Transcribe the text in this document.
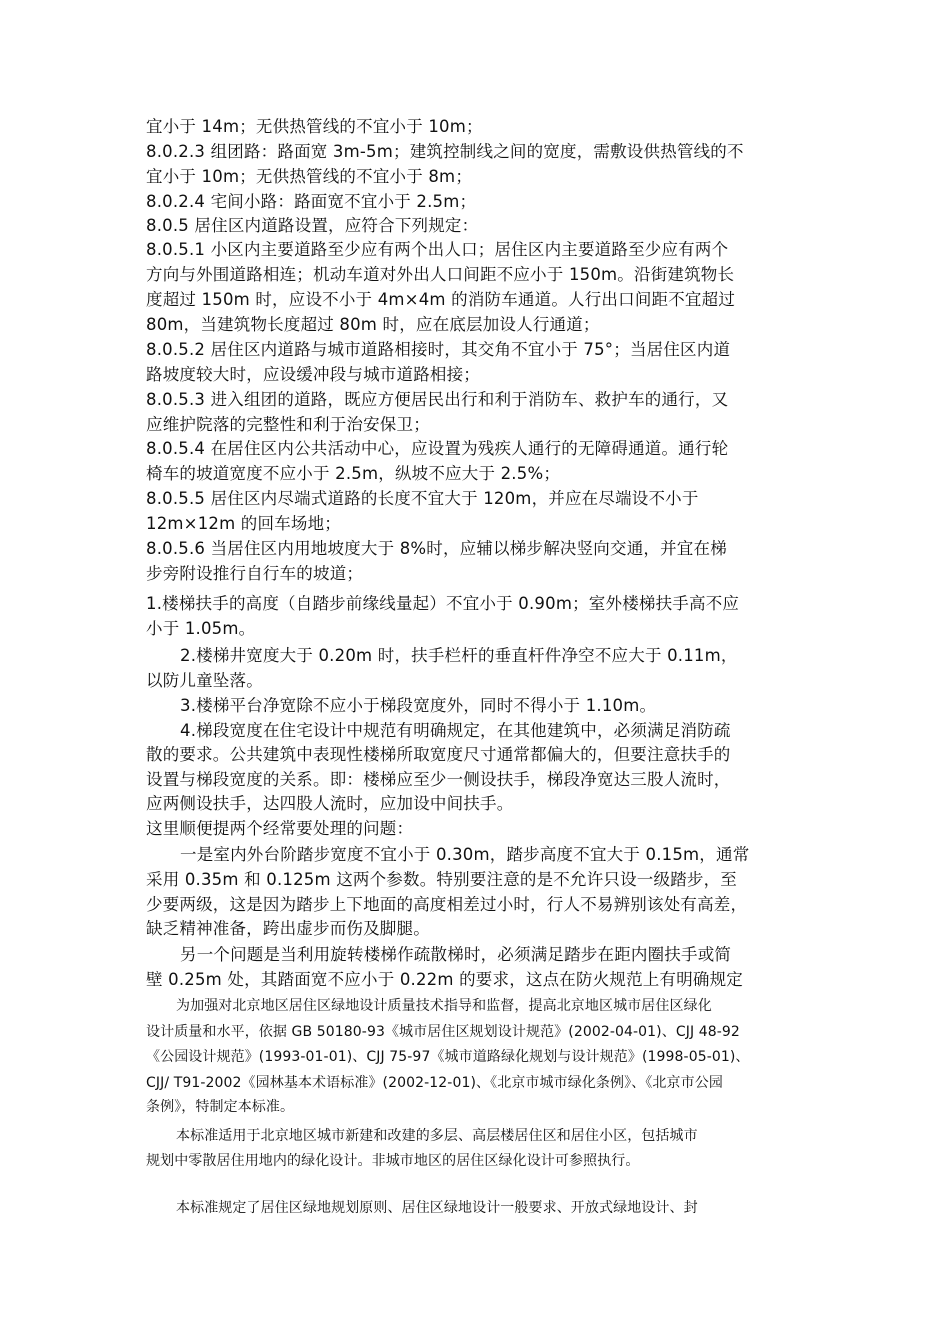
宜小于 14m；无供热管线的不宜小于 10m；
8.0.2.3 组团路：路面宽 3m-5m；建筑控制线之间的宽度，需敷设供热管线的不
宜小于 10m；无供热管线的不宜小于 8m；
8.0.2.4 宅间小路：路面宽不宜小于 2.5m；
8.0.5 居住区内道路设置，应符合下列规定：
8.0.5.1 小区内主要道路至少应有两个出人口；居住区内主要道路至少应有两个
方向与外围道路相连；机动车道对外出人口间距不应小于 150m。沿街建筑物长
度超过 150m 时，应设不小于 4m×4m 的消防车通道。人行出口间距不宜超过
80m，当建筑物长度超过 80m 时，应在底层加设人行通道；
8.0.5.2 居住区内道路与城市道路相接时，其交角不宜小于 75°；当居住区内道
路坡度较大时，应设缓冲段与城市道路相接；
8.0.5.3 进入组团的道路，既应方便居民出行和利于消防车、救护车的通行，又
应维护院落的完整性和利于治安保卫；
8.0.5.4 在居住区内公共活动中心，应设置为残疾人通行的无障碍通道。通行轮
椅车的坡道宽度不应小于 2.5m，纵坡不应大于 2.5%；
8.0.5.5 居住区内尽端式道路的长度不宜大于 120m，并应在尽端设不小于
12m×12m 的回车场地；
8.0.5.6 当居住区内用地坡度大于 8%时，应辅以梯步解决竖向交通，并宜在梯
步旁附设推行自行车的坡道；
1.楼梯扶手的高度（自踏步前缘线量起）不宜小于 0.90m；室外楼梯扶手高不应
小于 1.05m。
2.楼梯井宽度大于 0.20m 时，扶手栏杆的垂直杆件净空不应大于 0.11m，
以防儿童坠落。
3.楼梯平台净宽除不应小于梯段宽度外，同时不得小于 1.10m。
4.梯段宽度在住宅设计中规范有明确规定，在其他建筑中，必须满足消防疏
散的要求。公共建筑中表现性楼梯所取宽度尺寸通常都偏大的，但要注意扶手的
设置与梯段宽度的关系。即：楼梯应至少一侧设扶手，梯段净宽达三股人流时，
应两侧设扶手，达四股人流时，应加设中间扶手。
这里顺便提两个经常要处理的问题：
一是室内外台阶踏步宽度不宜小于 0.30m，踏步高度不宜大于 0.15m，通常
采用 0.35m 和 0.125m 这两个参数。特别要注意的是不允许只设一级踏步，至
少要两级，这是因为踏步上下地面的高度相差过小时，行人不易辨别该处有高差，
缺乏精神准备，跨出虚步而伤及脚腿。
另一个问题是当利用旋转楼梯作疏散梯时，必须满足踏步在距内圈扶手或简
壁 0.25m 处，其踏面宽不应小于 0.22m 的要求，这点在防火规范上有明确规定
为加强对北京地区居住区绿地设计质量技术指导和监督，提高北京地区城市居住区绿化
设计质量和水平，依据 GB 50180-93《城市居住区规划设计规范》(2002-04-01)、CJJ 48-92
《公园设计规范》(1993-01-01)、CJJ 75-97《城市道路绿化规划与设计规范》(1998-05-01)、
CJJ/ T91-2002《园林基本术语标准》(2002-12-01)、《北京市城市绿化条例》、《北京市公园
条例》，特制定本标准。
本标准适用于北京地区城市新建和改建的多层、高层楼居住区和居住小区，包括城市
规划中零散居住用地内的绿化设计。非城市地区的居住区绿化设计可参照执行。
本标准规定了居住区绿地规划原则、居住区绿地设计一般要求、开放式绿地设计、封
